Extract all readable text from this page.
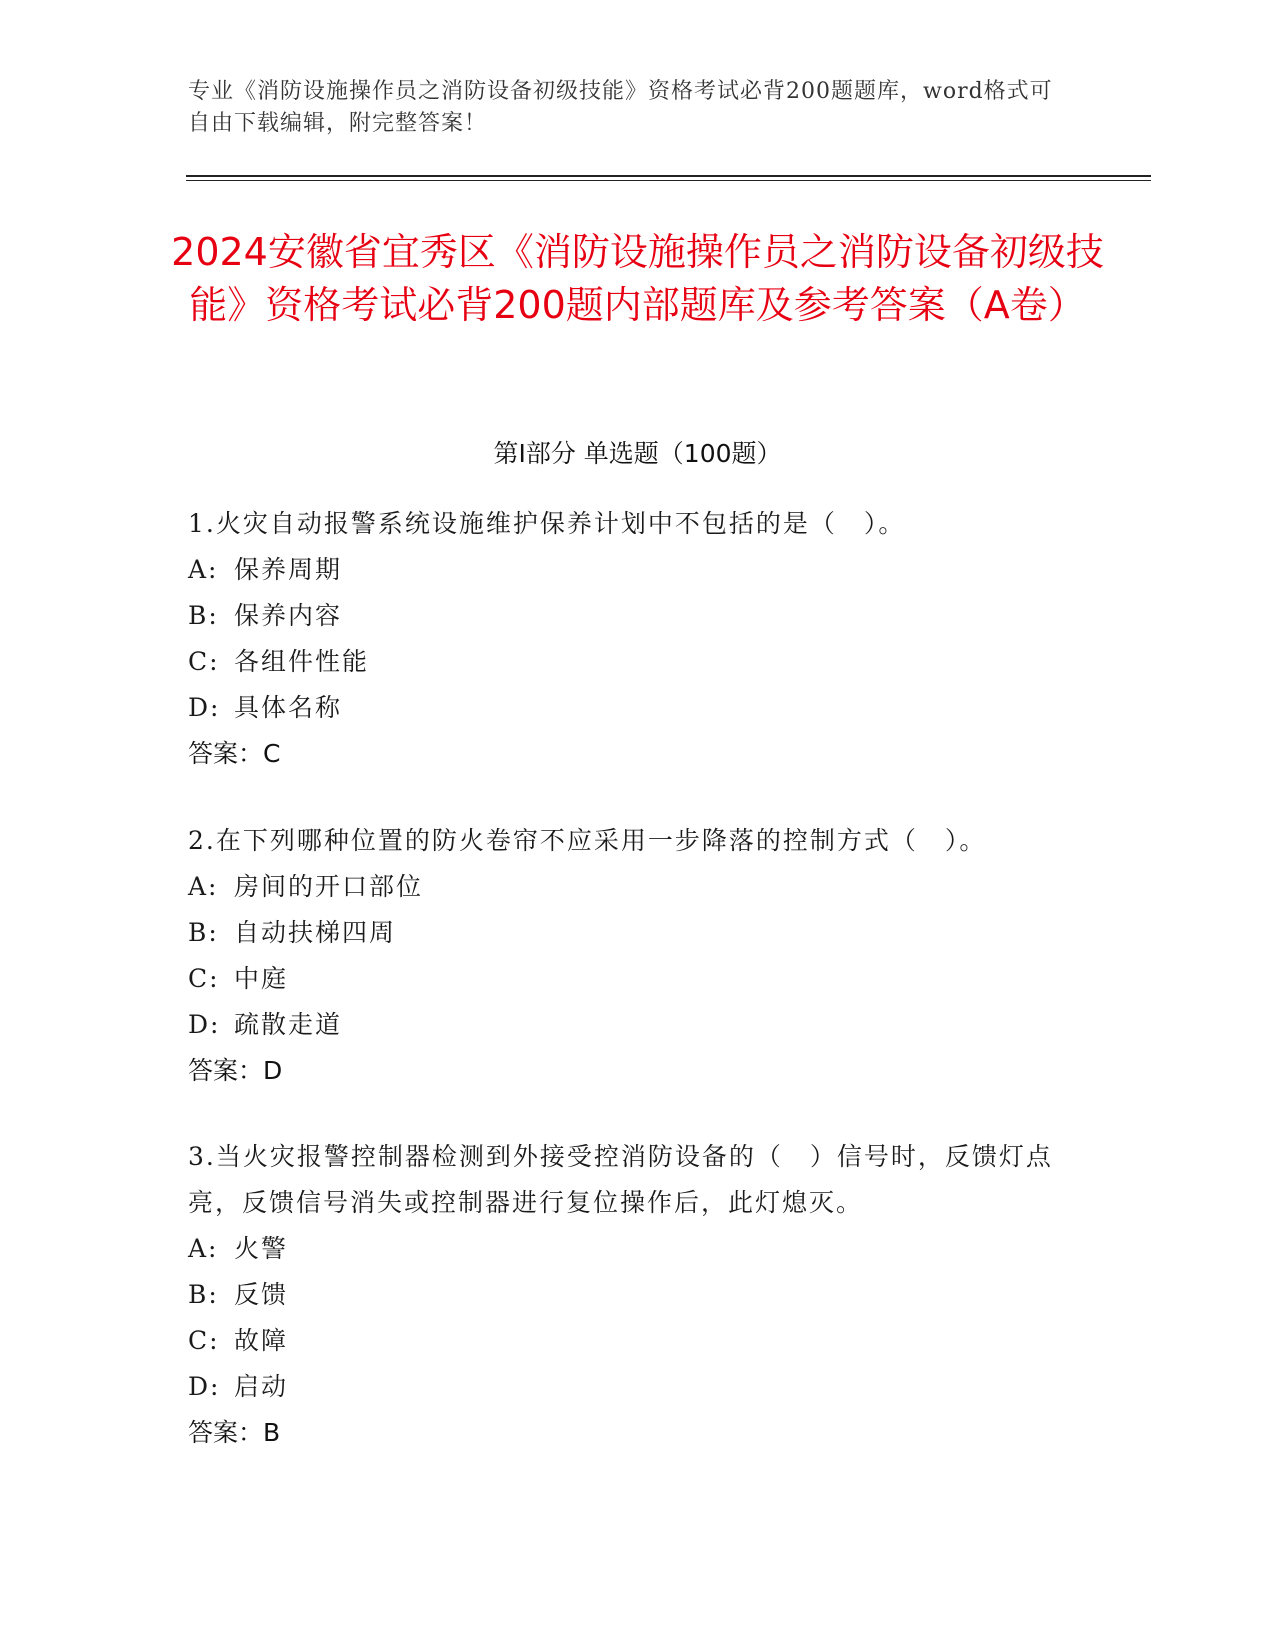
专业《消防设施操作员之消防设备初级技能》资格考试必背200题题库，word格式可自由下载编辑，附完整答案！
2024安徽省宜秀区《消防设施操作员之消防设备初级技能》资格考试必背200题内部题库及参考答案（A卷）
第I部分 单选题（100题）
1.火灾自动报警系统设施维护保养计划中不包括的是（　）。
A: 保养周期
B: 保养内容
C: 各组件性能
D: 具体名称
答案：C
2.在下列哪种位置的防火卷帘不应采用一步降落的控制方式（　）。
A: 房间的开口部位
B: 自动扶梯四周
C: 中庭
D: 疏散走道
答案：D
3.当火灾报警控制器检测到外接受控消防设备的（　）信号时，反馈灯点亮，反馈信号消失或控制器进行复位操作后，此灯熄灭。
A: 火警
B: 反馈
C: 故障
D: 启动
答案：B
